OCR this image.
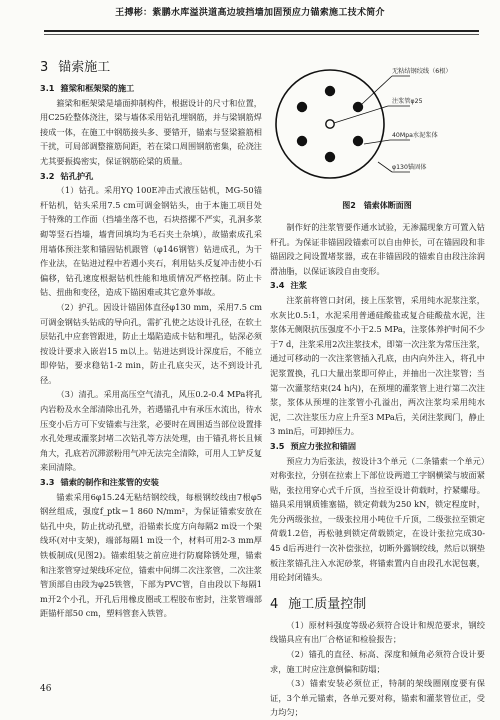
王搏彬：紫鹏水库溢洪道高边坡挡墙加固预应力锚索施工技术简介
3 锚索施工
3.1 箍梁和框架梁的施工

箍梁和框架梁是墙面抑制构件，根据设计的尺寸和位置，用C25砼整体浇注，梁与墙体采用钻孔埋钢筋，并与梁钢筋焊接成一体，在施工中钢筋接头多、要错开，锚索与竖梁箍筋相干扰，可局部调整箍筋间距，若在梁口周围钢筋密集，砼浇注尤其要振捣密实，保证钢筋砼梁的质量。

3.2 钻孔护孔

（1）钻孔。采用YQ 100E冲击式液压钻机，MG-50锚杆钻机，钻头采用7.5 cm可调金钢钻头，由于本施工项目处于特殊的工作面（挡墙坐落不也，石块搭摞不严实，孔洞多浆砌等竖石挡墙，墙背回填均为毛石夹土杂填），故锚索成孔采用墙体预注浆和锚固钻机跟管（φ146钢管）钻进成孔，为干作业法，在钻进过程中若遇小夹石，利用钻头反复冲击使小石偏移，钻孔速度根据钻机性能和地质情况严格控制。防止卡钻、扭曲和变径，造成下锚困难或其它意外事故。

（2）护孔。因设计锚固体直径φ130 mm，采用7.5 cm可调金钢钻头钻成的导向孔，需扩孔使之达设计孔径，在软土层钻孔中应套管跟进，防止土塌陷造成卡钻和埋孔，钻深必须按设计要求入嵌岩15 m以上。钻进达到设计深度后，不能立即停钻，要求稳钻1-2 min，防止孔底尖灭，达不到设计孔径。

（3）清孔。采用高压空气清孔，风压0.2-0.4 MPa将孔内岩粉及水全部清除出孔外，若遇锚孔中有承压水流出，待水压变小后方可下安锚索与注浆，必要时在周围适当部位设置排水孔处理或灌浆封堵二次钻孔等方法处理，由于锚孔将长且倾角大，孔底若沉滞淤粉用气冲无法完全清除，可用人工铲反复来回清除。

3.3 锚索的制作和注浆管的安装

锚索采用6φ15.24无粘结钢绞线，每根钢绞线由7根φ5钢丝组成，强度f_ptk＝1 860 N/mm²，为保证锚索安放在钻孔中央，防止扰动孔壁，沿锚索长度方向每隔2 m设一个架线环(对中支架)，端部每隔1 m设一个，材料可用2-3 mm厚铁板制成(见图2)。锚索组装之前应进行防腐除锈处理，锚索和注浆管穿过架线环定位，锚索中间绑二次注浆管，二次注浆管顶部自由段为φ25铁管，下部为PVC管，自由段以下每隔1 m开2个小孔，开孔后用橡皮圈或工程胶布密封，注浆管端部距锚杆部50 cm，塑料管套入铁管。

无粘结钢绞线（6根）
注浆管φ25
40Mpa水泥浆体
φ130锚固体
图2　锚索体断面图

制作好的注浆管要作通水试验，无渗漏现象方可置入钻杆孔。为保证非锚固段锚索可以自由伸长，可在锚固段和非锚固段之间设置堵浆器，或在非锚固段的锚索自由段注涂润滑油脂，以保证该段自由变形。

3.4 注浆

注浆前将管口封闭，接上压浆管，采用纯水泥浆注浆，水灰比0.5:1，水泥采用普通硅酸盐或复合硅酸盐水泥，注浆体无侧限抗压强度不小于2.5 MPa，注浆体养护时间不少于7 d，注浆采用2次注浆技术，即第一次注浆为常压注浆，通过可移动的一次注浆管插入孔底，由内向外注入，将孔中泥浆置换，孔口大量出浆即可停止，并抽出一次注浆管；当第一次灌浆结束(24 h内)，在预埋的灌浆管上进行第二次注浆，浆体从预埋的注浆管小孔溢出，两次注浆均采用纯水泥，二次注浆压力应上升至3 MPa后，关闭注浆阀门，静止3 min后，可卸掉压力。

3.5 预应力张拉和锚固

预应力为后张法，按设计3个单元（二条锚索一个单元）对称张拉，分别在拉索上下部位设两道工字钢横梁与坡面紧贴，张拉用穿心式千斤顶，当拉至设计荷载时，拧紧螺母。锚具采用钢质锥塞锚，锁定荷载为250 kN，锁定程度时，先分两级张拉，一级张拉用小吨位千斤顶，二级张拉至锁定荷载1.2倍，再松驰到锁定荷载锁定，在设计张拉完成30-45 d后再进行一次补偿张拉，切断外露钢绞线，然后以钢垫板注浆锚孔注入水泥砂浆，将锚索置内自由段孔水泥包裹，用砼封闭锚头。

4 施工质量控制

（1）原材料强度等级必须符合设计和规范要求，钢绞线锚具应有出厂合格证和检验报告；

（2）锚孔的直径、标高、深度和倾角必须符合设计要求，施工时应注意倒偏和防塌；

（3）锚索安装必须位正，特制的架线圈刚度要有保证，3个单元锚索，各单元要对称，锚索和灌浆管位正，受力均匀；

46
